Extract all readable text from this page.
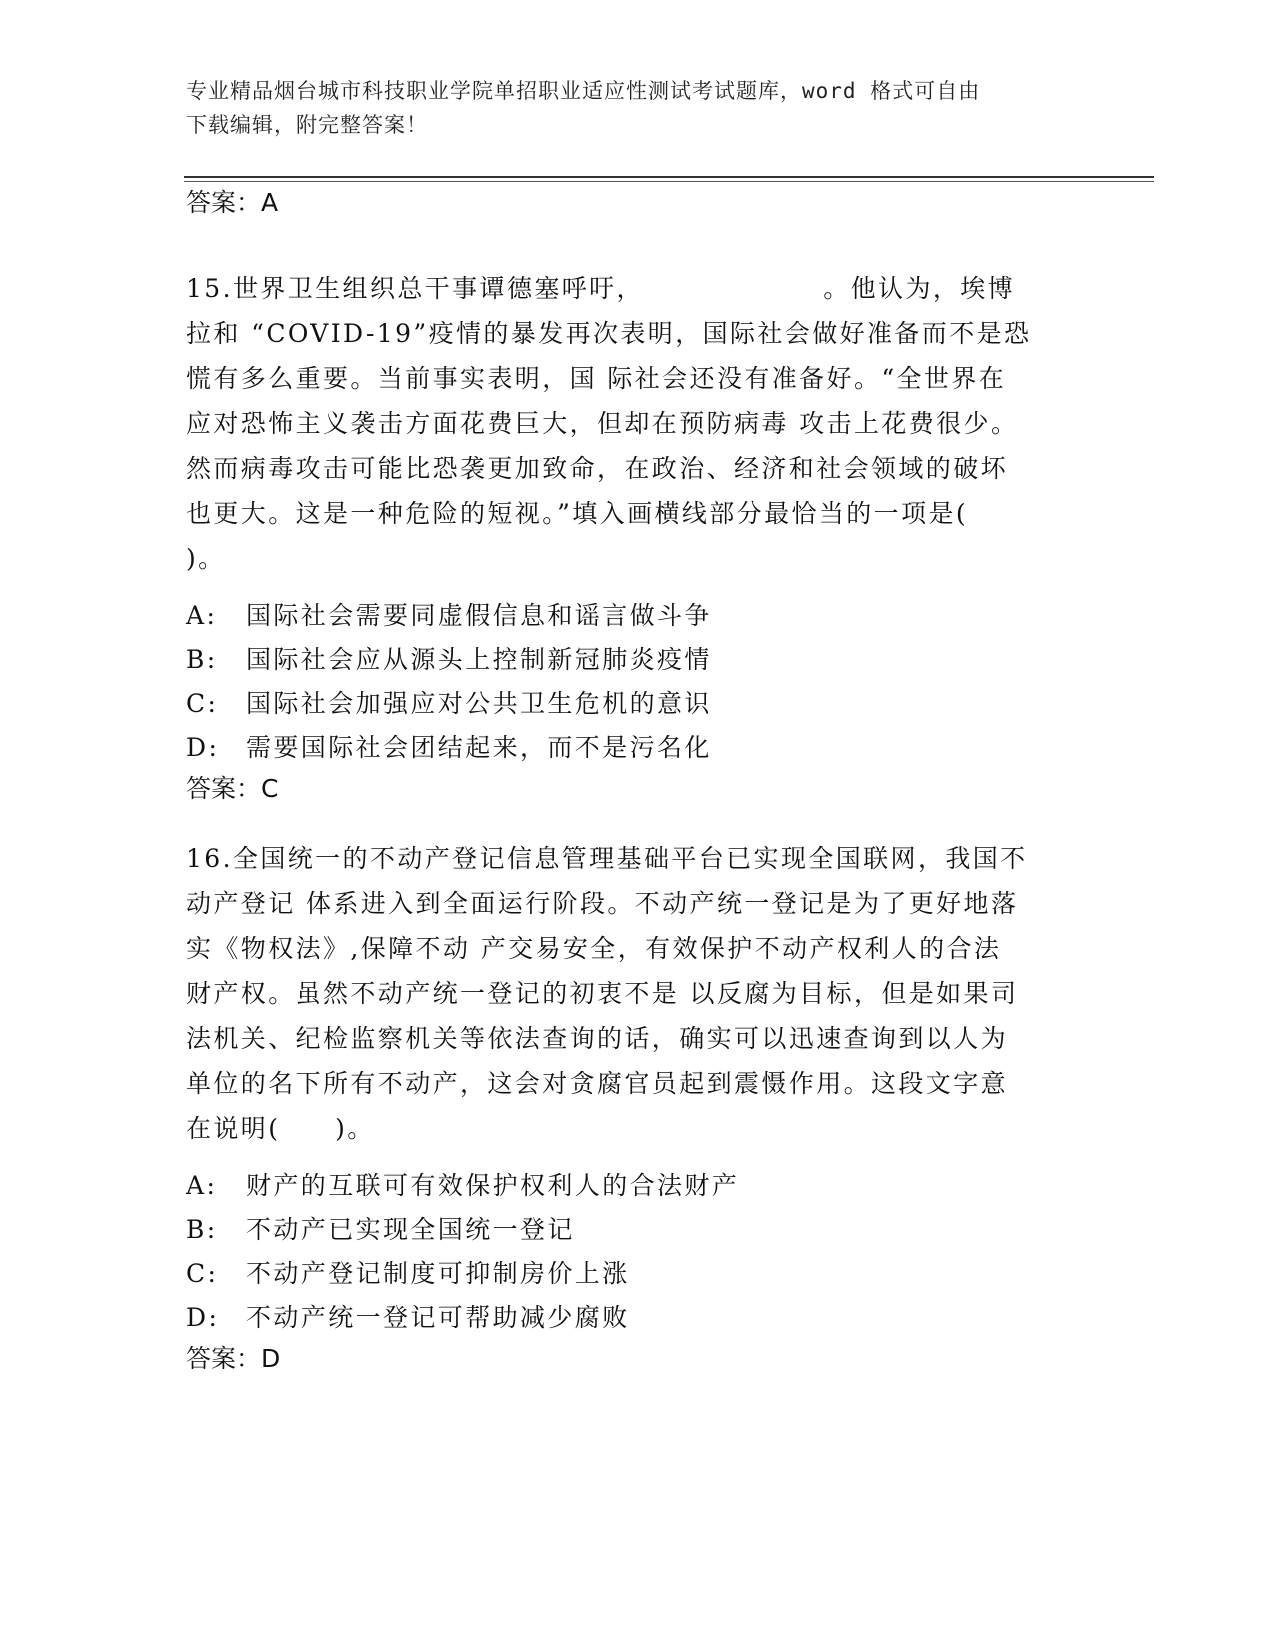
专业精品烟台城市科技职业学院单招职业适应性测试考试题库，word 格式可自由
下载编辑，附完整答案！
答案：A
15.世界卫生组织总干事谭德塞呼吁，　　　　　　　。他认为，埃博
拉和 “COVID-19”疫情的暴发再次表明，国际社会做好准备而不是恐
慌有多么重要。当前事实表明，国 际社会还没有准备好。“全世界在
应对恐怖主义袭击方面花费巨大，但却在预防病毒 攻击上花费很少。
然而病毒攻击可能比恐袭更加致命，在政治、经济和社会领域的破坏
也更大。这是一种危险的短视。”填入画横线部分最恰当的一项是(
)。
A: 国际社会需要同虚假信息和谣言做斗争
B: 国际社会应从源头上控制新冠肺炎疫情
C: 国际社会加强应对公共卫生危机的意识
D: 需要国际社会团结起来，而不是污名化
答案：C
16.全国统一的不动产登记信息管理基础平台已实现全国联网，我国不
动产登记 体系进入到全面运行阶段。不动产统一登记是为了更好地落
实《物权法》,保障不动 产交易安全，有效保护不动产权利人的合法
财产权。虽然不动产统一登记的初衷不是 以反腐为目标，但是如果司
法机关、纪检监察机关等依法查询的话，确实可以迅速查询到以人为
单位的名下所有不动产，这会对贪腐官员起到震慑作用。这段文字意
在说明(　　)。
A: 财产的互联可有效保护权利人的合法财产
B: 不动产已实现全国统一登记
C: 不动产登记制度可抑制房价上涨
D: 不动产统一登记可帮助减少腐败
答案：D
